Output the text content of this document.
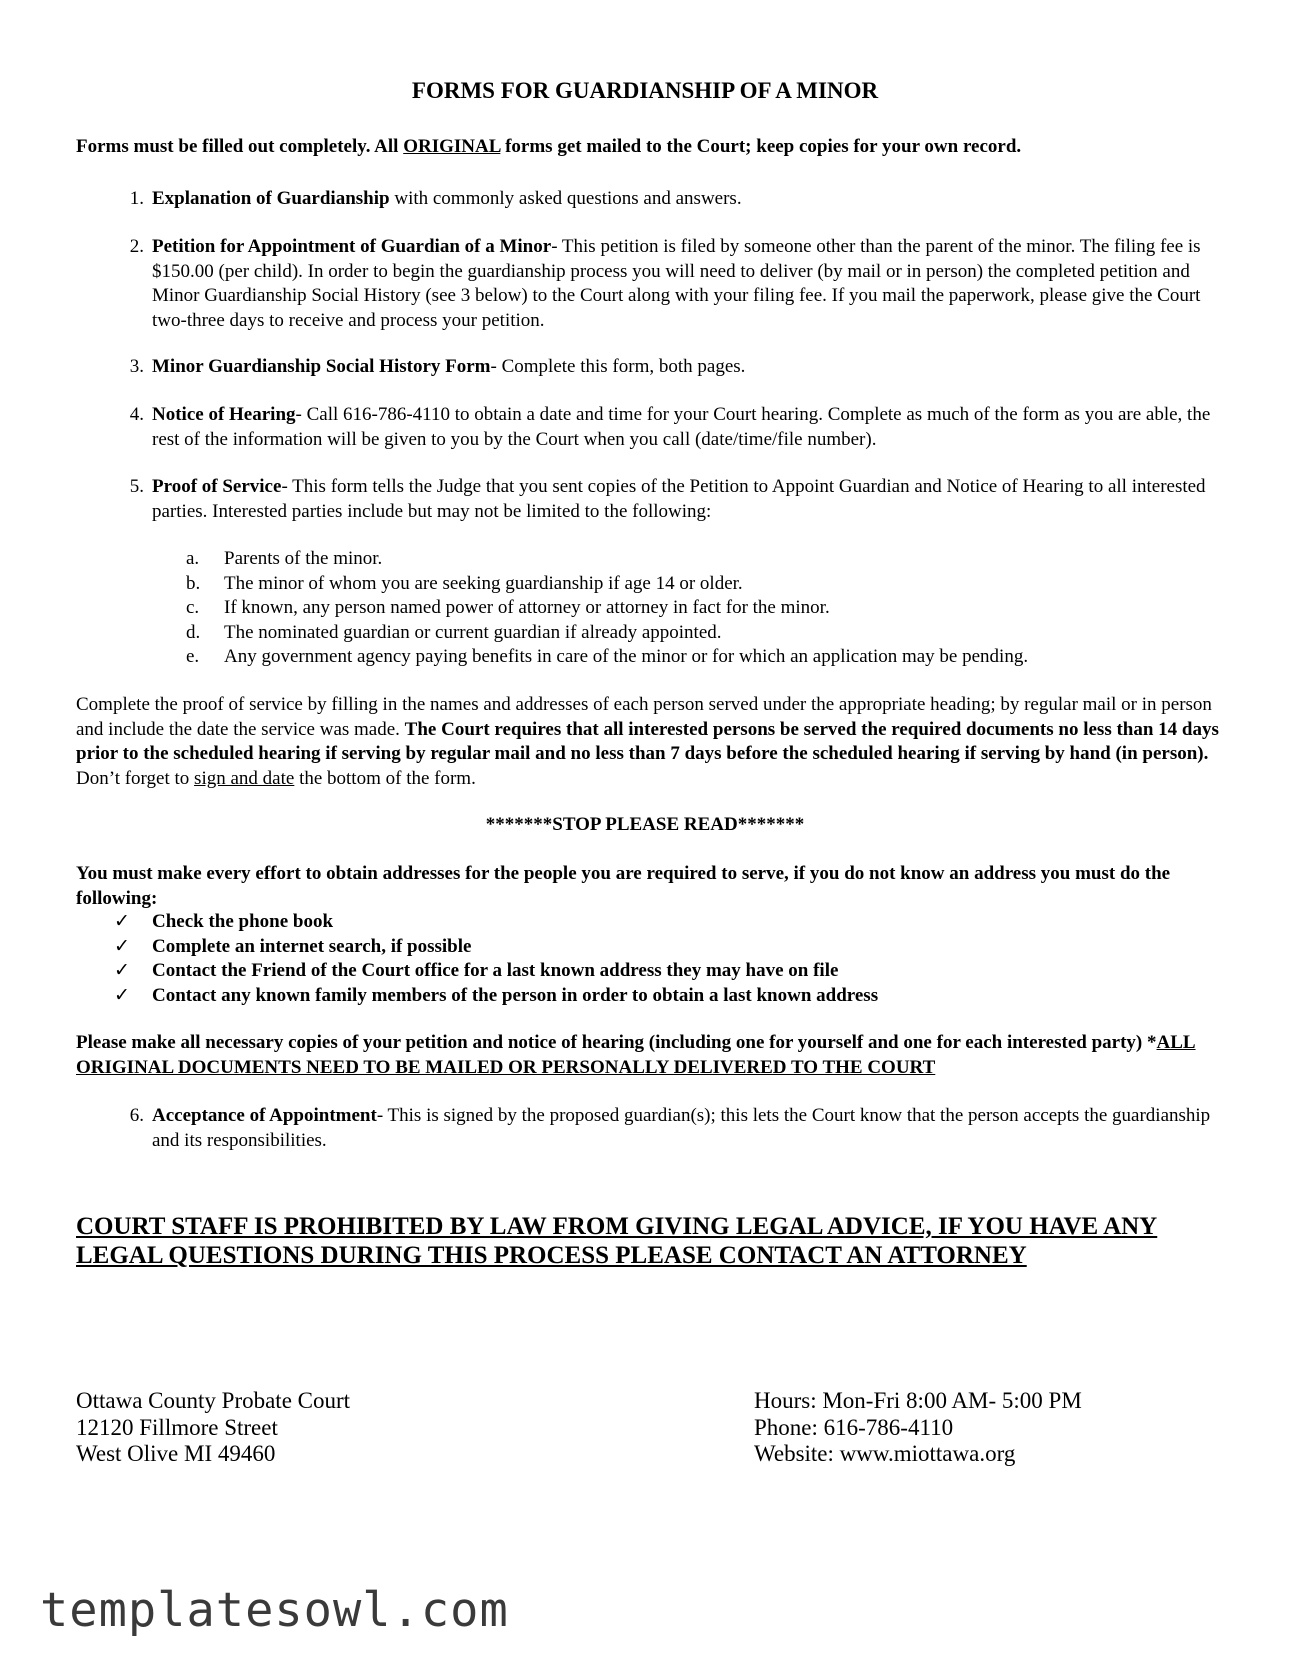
FORMS FOR GUARDIANSHIP OF A MINOR
Forms must be filled out completely. All ORIGINAL forms get mailed to the Court; keep copies for your own record.
1. Explanation of Guardianship with commonly asked questions and answers.
2. Petition for Appointment of Guardian of a Minor- This petition is filed by someone other than the parent of the minor. The filing fee is $150.00 (per child). In order to begin the guardianship process you will need to deliver (by mail or in person) the completed petition and Minor Guardianship Social History (see 3 below) to the Court along with your filing fee. If you mail the paperwork, please give the Court two-three days to receive and process your petition.
3. Minor Guardianship Social History Form- Complete this form, both pages.
4. Notice of Hearing- Call 616-786-4110 to obtain a date and time for your Court hearing. Complete as much of the form as you are able, the rest of the information will be given to you by the Court when you call (date/time/file number).
5. Proof of Service- This form tells the Judge that you sent copies of the Petition to Appoint Guardian and Notice of Hearing to all interested parties. Interested parties include but may not be limited to the following:
a. Parents of the minor.
b. The minor of whom you are seeking guardianship if age 14 or older.
c. If known, any person named power of attorney or attorney in fact for the minor.
d. The nominated guardian or current guardian if already appointed.
e. Any government agency paying benefits in care of the minor or for which an application may be pending.
Complete the proof of service by filling in the names and addresses of each person served under the appropriate heading; by regular mail or in person and include the date the service was made. The Court requires that all interested persons be served the required documents no less than 14 days prior to the scheduled hearing if serving by regular mail and no less than 7 days before the scheduled hearing if serving by hand (in person). Don’t forget to sign and date the bottom of the form.
*******STOP PLEASE READ*******
You must make every effort to obtain addresses for the people you are required to serve, if you do not know an address you must do the following:
✓ Check the phone book
✓ Complete an internet search, if possible
✓ Contact the Friend of the Court office for a last known address they may have on file
✓ Contact any known family members of the person in order to obtain a last known address
Please make all necessary copies of your petition and notice of hearing (including one for yourself and one for each interested party) *ALL ORIGINAL DOCUMENTS NEED TO BE MAILED OR PERSONALLY DELIVERED TO THE COURT
6. Acceptance of Appointment- This is signed by the proposed guardian(s); this lets the Court know that the person accepts the guardianship and its responsibilities.
COURT STAFF IS PROHIBITED BY LAW FROM GIVING LEGAL ADVICE, IF YOU HAVE ANY LEGAL QUESTIONS DURING THIS PROCESS PLEASE CONTACT AN ATTORNEY
Ottawa County Probate Court
12120 Fillmore Street
West Olive MI 49460
Hours: Mon-Fri 8:00 AM- 5:00 PM
Phone: 616-786-4110
Website: www.miottawa.org
templatesowl.com
